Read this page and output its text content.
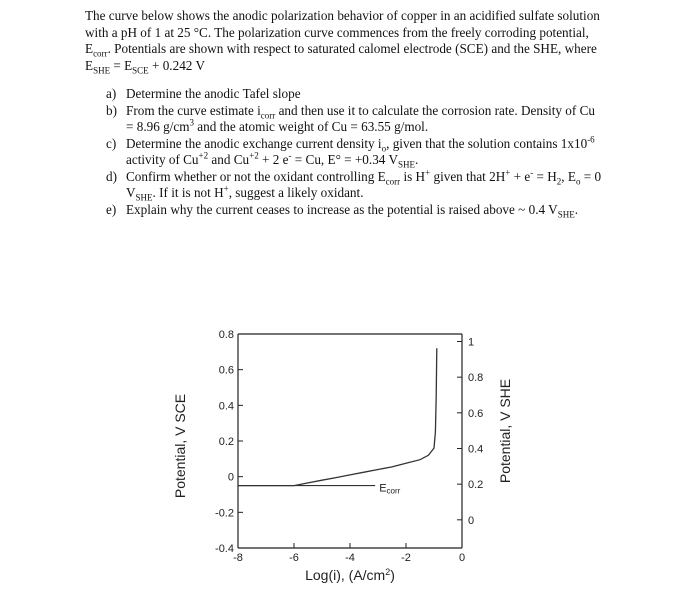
The curve below shows the anodic polarization behavior of copper in an acidified sulfate solution

with a pH of 1 at 25 °C. The polarization curve commences from the freely corroding potential,

$E_{corr}$. Potentials are shown with respect to saturated calomel electrode (SCE) and the SHE, where

$E_{SHE} = E_{SCE} + 0.242$ V

a) Determine the anodic Tafel slope
b) From the curve estimate $i_{corr}$ and then use it to calculate the corrosion rate. Density of Cu
= 8.96 $g/cm^3$ and the atomic weight of Cu = 63.55 g/mol.
c) Determine the anodic exchange current density $i_o$, given that the solution contains $1x10^{-6}$
activity of $Cu^{+2}$ and $Cu^{+2} + 2$ e- = Cu, E° = +0.34 $V_{SHE}$.
d) Confirm whether or not the oxidant controlling $E_{corr}$ is H+ given that $2H^+ + e^- = H_2$, $E_o = 0$
$V_{SHE}$. If it is not H+, suggest a likely oxidant.
e) Explain why the current ceases to increase as the potential is raised above ~ 0.4 $V_{SHE}$.
-0.4
-0.2
0
0.2
0.4
0.6
0.8
0
0.2
0.4
0.6
0.8
1
-8	-6	-4	-2	0
Ecorr
Log(i), $(A/cm^2)$
Potential, V SCE	Potential, V SHE
